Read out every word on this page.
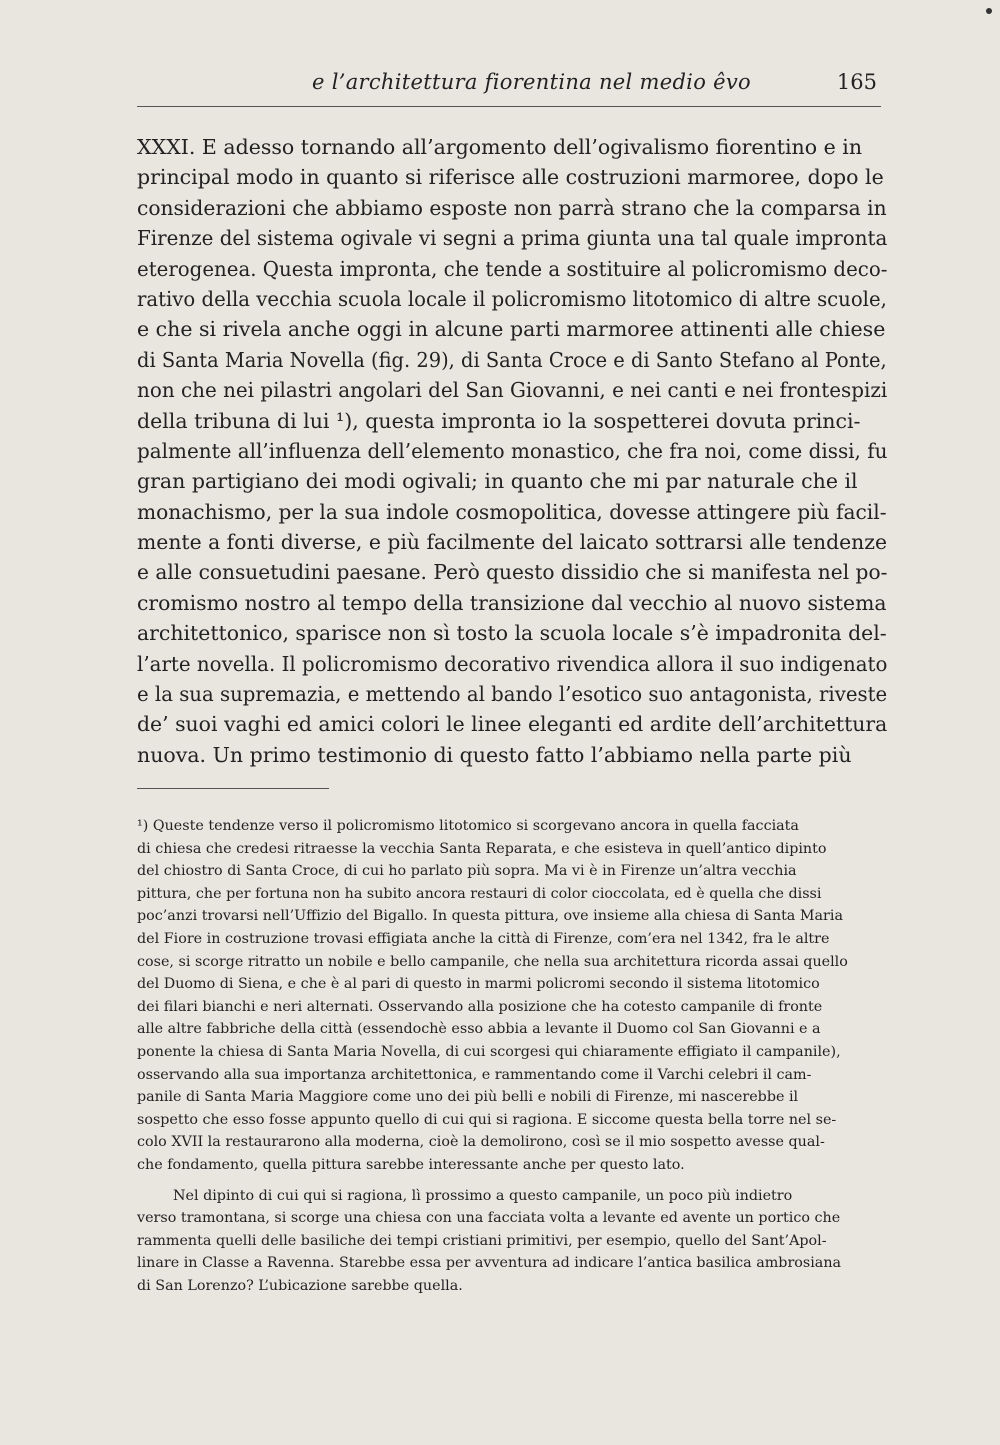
e l’architettura fiorentina nel medio êvo	165
XXXI. E adesso tornando all’argomento dell’ogivalismo fiorentino e in
principal modo in quanto si riferisce alle costruzioni marmoree, dopo le
considerazioni che abbiamo esposte non parrà strano che la comparsa in
Firenze del sistema ogivale vi segni a prima giunta una tal quale impronta
eterogenea. Questa impronta, che tende a sostituire al policromismo deco-
rativo della vecchia scuola locale il policromismo litotomico di altre scuole,
e che si rivela anche oggi in alcune parti marmoree attinenti alle chiese
di Santa Maria Novella (fig. 29), di Santa Croce e di Santo Stefano al Ponte,
non che nei pilastri angolari del San Giovanni, e nei canti e nei frontespizi
della tribuna di lui ¹), questa impronta io la sospetterei dovuta princi-
palmente all’influenza dell’elemento monastico, che fra noi, come dissi, fu
gran partigiano dei modi ogivali; in quanto che mi par naturale che il
monachismo, per la sua indole cosmopolitica, dovesse attingere più facil-
mente a fonti diverse, e più facilmente del laicato sottrarsi alle tendenze
e alle consuetudini paesane. Però questo dissidio che si manifesta nel po-
cromismo nostro al tempo della transizione dal vecchio al nuovo sistema
architettonico, sparisce non sì tosto la scuola locale s’è impadronita del-
l’arte novella. Il policromismo decorativo rivendica allora il suo indigenato
e la sua supremazia, e mettendo al bando l’esotico suo antagonista, riveste
de’ suoi vaghi ed amici colori le linee eleganti ed ardite dell’architettura
nuova. Un primo testimonio di questo fatto l’abbiamo nella parte più
¹) Queste tendenze verso il policromismo litotomico si scorgevano ancora in quella facciata
di chiesa che credesi ritraesse la vecchia Santa Reparata, e che esisteva in quell’antico dipinto
del chiostro di Santa Croce, di cui ho parlato più sopra. Ma vi è in Firenze un’altra vecchia
pittura, che per fortuna non ha subito ancora restauri di color cioccolata, ed è quella che dissi
poc’anzi trovarsi nell’Uffizio del Bigallo. In questa pittura, ove insieme alla chiesa di Santa Maria
del Fiore in costruzione trovasi effigiata anche la città di Firenze, com’era nel 1342, fra le altre
cose, si scorge ritratto un nobile e bello campanile, che nella sua architettura ricorda assai quello
del Duomo di Siena, e che è al pari di questo in marmi policromi secondo il sistema litotomico
dei filari bianchi e neri alternati. Osservando alla posizione che ha cotesto campanile di fronte
alle altre fabbriche della città (essendochè esso abbia a levante il Duomo col San Giovanni e a
ponente la chiesa di Santa Maria Novella, di cui scorgesi qui chiaramente effigiato il campanile),
osservando alla sua importanza architettonica, e rammentando come il Varchi celebri il cam-
panile di Santa Maria Maggiore come uno dei più belli e nobili di Firenze, mi nascerebbe il
sospetto che esso fosse appunto quello di cui qui si ragiona. E siccome questa bella torre nel se-
colo XVII la restaurarono alla moderna, cioè la demolirono, così se il mio sospetto avesse qual-
che fondamento, quella pittura sarebbe interessante anche per questo lato.
Nel dipinto di cui qui si ragiona, lì prossimo a questo campanile, un poco più indietro
verso tramontana, si scorge una chiesa con una facciata volta a levante ed avente un portico che
rammenta quelli delle basiliche dei tempi cristiani primitivi, per esempio, quello del Sant’Apol-
linare in Classe a Ravenna. Starebbe essa per avventura ad indicare l’antica basilica ambrosiana
di San Lorenzo? L’ubicazione sarebbe quella.
